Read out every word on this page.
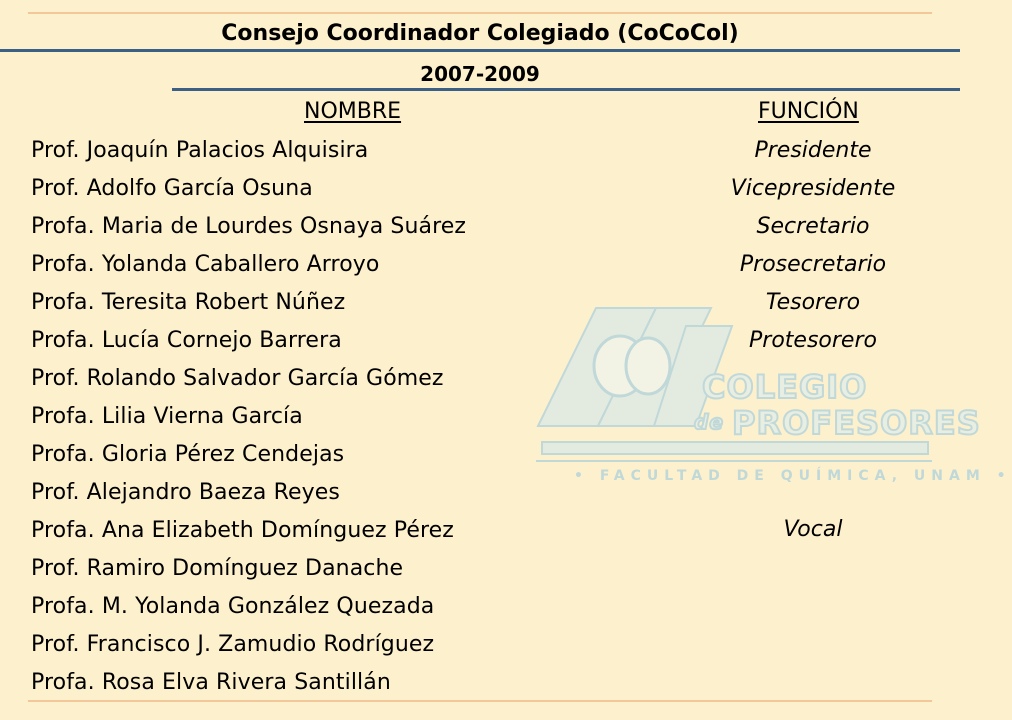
Consejo Coordinador Colegiado (CoCoCol)
2007-2009
COLEGIO
PROFESORES
de
• FACULTAD DE QUÍMICA, UNAM •
NOMBRE	FUNCIÓN
Prof. Joaquín Palacios Alquisira
Prof. Adolfo García Osuna
Profa. Maria de Lourdes Osnaya Suárez
Profa. Yolanda Caballero Arroyo
Profa. Teresita Robert Núñez
Profa. Lucía Cornejo Barrera
Prof. Rolando Salvador García Gómez
Profa. Lilia Vierna García
Profa. Gloria Pérez Cendejas
Prof. Alejandro Baeza Reyes
Profa. Ana Elizabeth Domínguez Pérez
Prof. Ramiro Domínguez Danache
Profa. M. Yolanda González Quezada
Prof. Francisco J. Zamudio Rodríguez
Profa. Rosa Elva Rivera Santillán
Presidente
Vicepresidente
Secretario
Prosecretario
Tesorero
Protesorero
Vocal
